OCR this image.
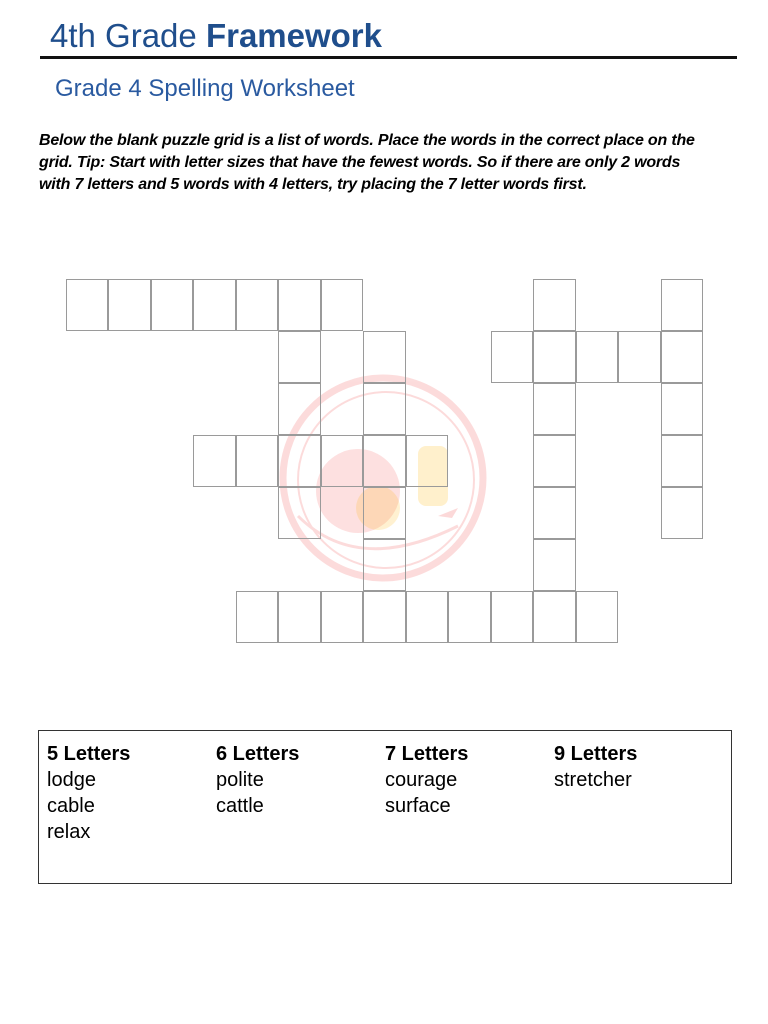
4th Grade Framework
Grade 4 Spelling Worksheet

Below the blank puzzle grid is a list of words. Place the words in the correct place on the grid. Tip: Start with letter sizes that have the fewest words. So if there are only 2 words with 7 letters and 5 words with 4 letters, try placing the 7 letter words first.

5 Letters
lodge
cable
relax
6 Letters
polite
cattle
7 Letters
courage
surface
9 Letters
stretcher
